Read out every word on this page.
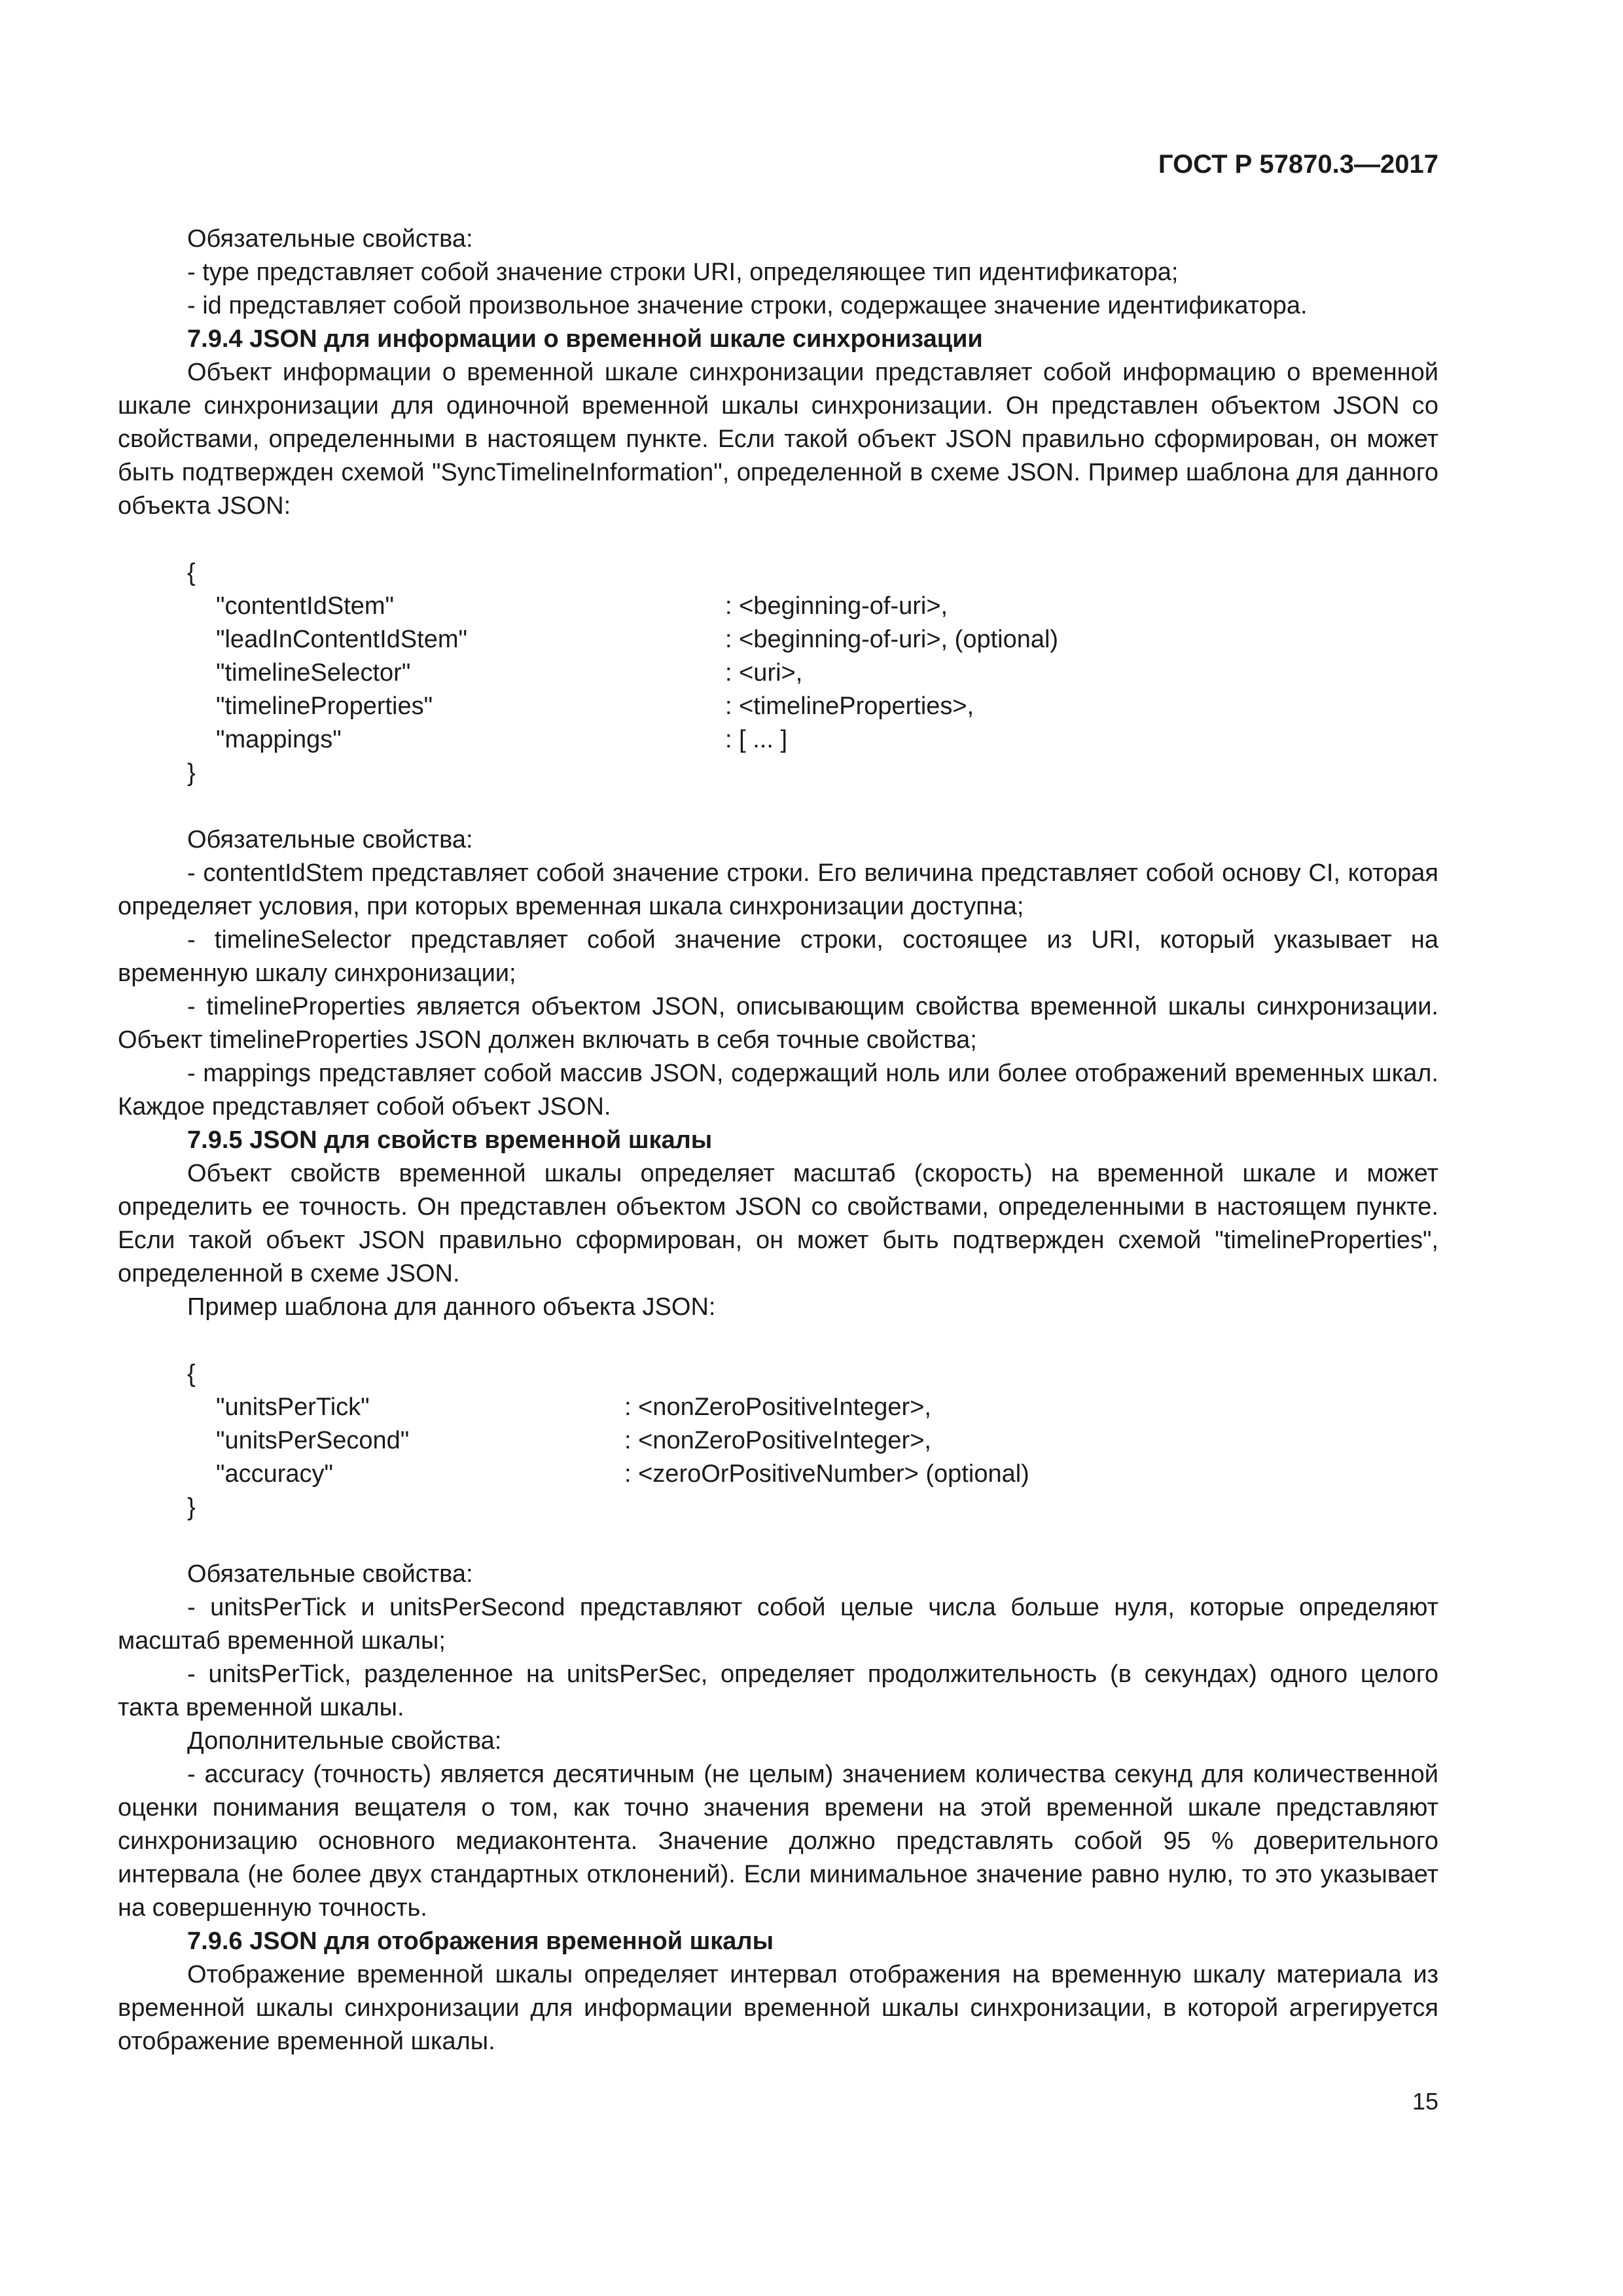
ГОСТ Р 57870.3—2017

Обязательные свойства:

- type представляет собой значение строки URI, определяющее тип идентификатора;

- id представляет собой произвольное значение строки, содержащее значение идентификатора.

7.9.4 JSON для информации о временной шкале синхронизации

Объект информации о временной шкале синхронизации представляет собой информацию о временной шкале синхронизации для одиночной временной шкалы синхронизации. Он представлен объектом JSON со свойствами, определенными в настоящем пункте. Если такой объект JSON правильно сформирован, он может быть подтвержден схемой "SyncTimelineInformation", определенной в схеме JSON. Пример шаблона для данного объекта JSON:

{
"contentIdStem"	: <beginning-of-uri>,
"leadInContentIdStem"	: <beginning-of-uri>, (optional)
"timelineSelector"	: <uri>,
"timelineProperties"	: <timelineProperties>,
"mappings"	: [ ... ]
}

Обязательные свойства:

- contentIdStem представляет собой значение строки. Его величина представляет собой основу CI, которая определяет условия, при которых временная шкала синхронизации доступна;

- timelineSelector представляет собой значение строки, состоящее из URI, который указывает на временную шкалу синхронизации;

- timelineProperties является объектом JSON, описывающим свойства временной шкалы синхронизации. Объект timelineProperties JSON должен включать в себя точные свойства;

- mappings представляет собой массив JSON, содержащий ноль или более отображений временных шкал. Каждое представляет собой объект JSON.

7.9.5 JSON для свойств временной шкалы

Объект свойств временной шкалы определяет масштаб (скорость) на временной шкале и может определить ее точность. Он представлен объектом JSON со свойствами, определенными в настоящем пункте. Если такой объект JSON правильно сформирован, он может быть подтвержден схемой "timelineProperties", определенной в схеме JSON.

Пример шаблона для данного объекта JSON:

{
"unitsPerTick"	: <nonZeroPositiveInteger>,
"unitsPerSecond"	: <nonZeroPositiveInteger>,
"accuracy"	: <zeroOrPositiveNumber> (optional)
}

Обязательные свойства:

- unitsPerTick и unitsPerSecond представляют собой целые числа больше нуля, которые определяют масштаб временной шкалы;

- unitsPerTick, разделенное на unitsPerSec, определяет продолжительность (в секундах) одного целого такта временной шкалы.

Дополнительные свойства:

- accuracy (точность) является десятичным (не целым) значением количества секунд для количественной оценки понимания вещателя о том, как точно значения времени на этой временной шкале представляют синхронизацию основного медиаконтента. Значение должно представлять собой 95 % доверительного интервала (не более двух стандартных отклонений). Если минимальное значение равно нулю, то это указывает на совершенную точность.

7.9.6 JSON для отображения временной шкалы

Отображение временной шкалы определяет интервал отображения на временную шкалу материала из временной шкалы синхронизации для информации временной шкалы синхронизации, в которой агрегируется отображение временной шкалы.

15
